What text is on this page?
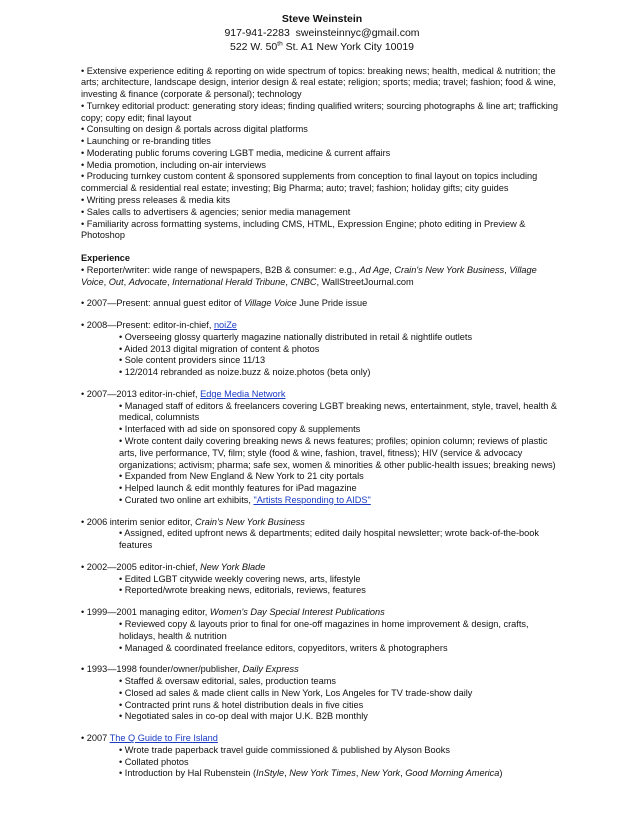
Steve Weinstein
917-941-2283 sweinsteinnyc@gmail.com
522 W. 50th St. A1 New York City 10019

• Extensive experience editing & reporting on wide spectrum of topics: breaking news; health, medical & nutrition; the arts; architecture, landscape design, interior design & real estate; religion; sports; media; travel; fashion; food & wine, investing & finance (corporate & personal); technology

• Turnkey editorial product: generating story ideas; finding qualified writers; sourcing photographs & line art; trafficking copy; copy edit; final layout

• Consulting on design & portals across digital platforms

• Launching or re-branding titles

• Moderating public forums covering LGBT media, medicine & current affairs

• Media promotion, including on-air interviews

• Producing turnkey custom content & sponsored supplements from conception to final layout on topics including commercial & residential real estate; investing; Big Pharma; auto; travel; fashion; holiday gifts; city guides

• Writing press releases & media kits

• Sales calls to advertisers & agencies; senior media management

• Familiarity across formatting systems, including CMS, HTML, Expression Engine; photo editing in Preview & Photoshop

Experience

• Reporter/writer: wide range of newspapers, B2B & consumer: e.g., Ad Age, Crain's New York Business, Village Voice, Out, Advocate, International Herald Tribune, CNBC, WallStreetJournal.com

• 2007—Present: annual guest editor of Village Voice June Pride issue

• 2008—Present: editor-in-chief, noiZe

• Overseeing glossy quarterly magazine nationally distributed in retail & nightlife outlets

• Aided 2013 digital migration of content & photos

• Sole content providers since 11/13

• 12/2014 rebranded as noize.buzz & noize.photos (beta only)

• 2007—2013 editor-in-chief, Edge Media Network

• Managed staff of editors & freelancers covering LGBT breaking news, entertainment, style, travel, health & medical, columnists

• Interfaced with ad side on sponsored copy & supplements

• Wrote content daily covering breaking news & news features; profiles; opinion column; reviews of plastic arts, live performance, TV, film; style (food & wine, fashion, travel, fitness); HIV (service & advocacy organizations; activism; pharma; safe sex, women & minorities & other public-health issues; breaking news)

• Expanded from New England & New York to 21 city portals

• Helped launch & edit monthly features for iPad magazine

• Curated two online art exhibits, "Artists Responding to AIDS"

• 2006 interim senior editor, Crain's New York Business

• Assigned, edited upfront news & departments; edited daily hospital newsletter; wrote back-of-the-book features

• 2002—2005 editor-in-chief, New York Blade

• Edited LGBT citywide weekly covering news, arts, lifestyle

• Reported/wrote breaking news, editorials, reviews, features

• 1999—2001 managing editor, Women's Day Special Interest Publications

• Reviewed copy & layouts prior to final for one-off magazines in home improvement & design, crafts, holidays, health & nutrition

• Managed & coordinated freelance editors, copyeditors, writers & photographers

• 1993—1998 founder/owner/publisher, Daily Express

• Staffed & oversaw editorial, sales, production teams

• Closed ad sales & made client calls in New York, Los Angeles for TV trade-show daily

• Contracted print runs & hotel distribution deals in five cities

• Negotiated sales in co-op deal with major U.K. B2B monthly

• 2007 The Q Guide to Fire Island

• Wrote trade paperback travel guide commissioned & published by Alyson Books

• Collated photos

• Introduction by Hal Rubenstein (InStyle, New York Times, New York, Good Morning America)
